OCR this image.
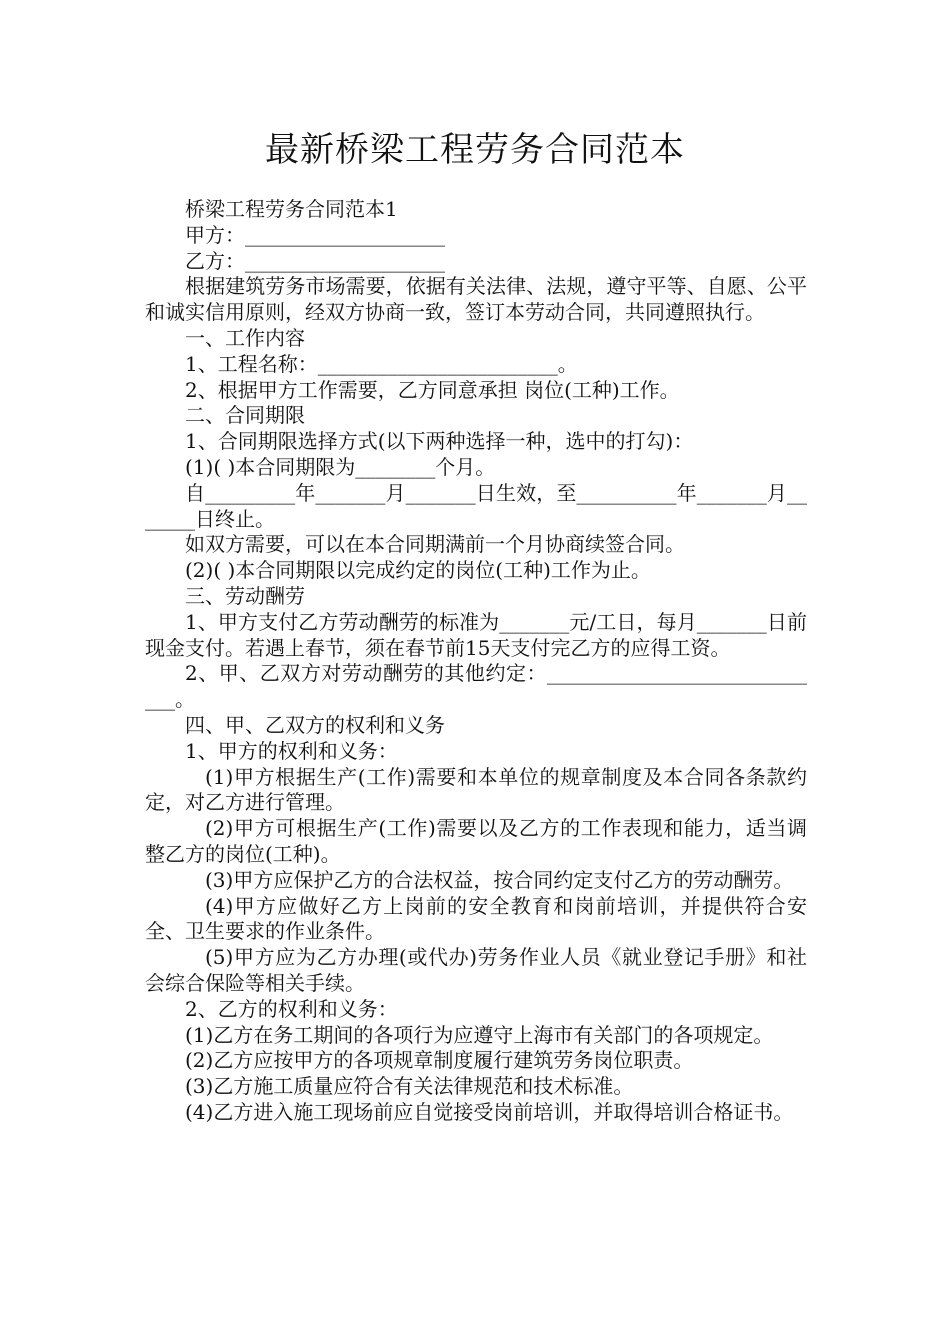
最新桥梁工程劳务合同范本

桥梁工程劳务合同范本1

甲方：____________________

乙方：____________________

根据建筑劳务市场需要，依据有关法律、法规，遵守平等、自愿、公平和诚实信用原则，经双方协商一致，签订本劳动合同，共同遵照执行。

一、工作内容

1、工程名称：________________________。

2、根据甲方工作需要，乙方同意承担 岗位(工种)工作。

二、合同期限

1、合同期限选择方式(以下两种选择一种，选中的打勾)：

(1)( )本合同期限为________个月。

自_________年_______月_______日生效，至__________年_______月_______日终止。

如双方需要，可以在本合同期满前一个月协商续签合同。

(2)( )本合同期限以完成约定的岗位(工种)工作为止。

三、劳动酬劳

1、甲方支付乙方劳动酬劳的标准为_______元/工日，每月_______日前现金支付。若遇上春节，须在春节前15天支付完乙方的应得工资。

2、甲、乙双方对劳动酬劳的其他约定：_____________________________。

四、甲、乙双方的权利和义务

1、甲方的权利和义务：

(1)甲方根据生产(工作)需要和本单位的规章制度及本合同各条款约定，对乙方进行管理。

(2)甲方可根据生产(工作)需要以及乙方的工作表现和能力，适当调整乙方的岗位(工种)。

(3)甲方应保护乙方的合法权益，按合同约定支付乙方的劳动酬劳。

(4)甲方应做好乙方上岗前的安全教育和岗前培训，并提供符合安全、卫生要求的作业条件。

(5)甲方应为乙方办理(或代办)劳务作业人员《就业登记手册》和社会综合保险等相关手续。

2、乙方的权利和义务：

(1)乙方在务工期间的各项行为应遵守上海市有关部门的各项规定。

(2)乙方应按甲方的各项规章制度履行建筑劳务岗位职责。

(3)乙方施工质量应符合有关法律规范和技术标准。

(4)乙方进入施工现场前应自觉接受岗前培训，并取得培训合格证书。
